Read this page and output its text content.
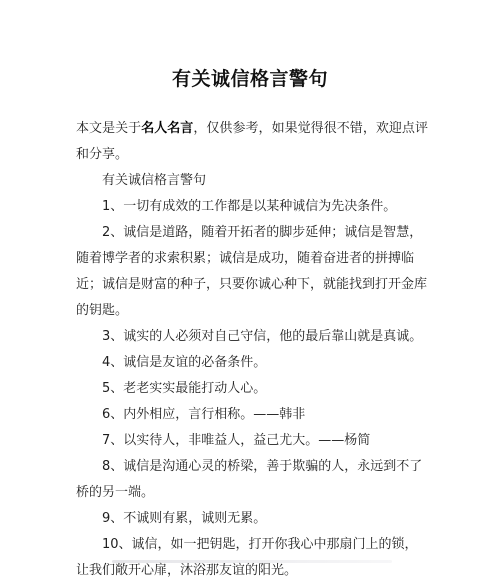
有关诚信格言警句

本文是关于名人名言，仅供参考，如果觉得很不错，欢迎点评和分享。

有关诚信格言警句
1、一切有成效的工作都是以某种诚信为先决条件。
2、诚信是道路，随着开拓者的脚步延伸；诚信是智慧，随着博学者的求索积累；诚信是成功，随着奋进者的拼搏临近；诚信是财富的种子，只要你诚心种下，就能找到打开金库的钥匙。
3、诚实的人必须对自己守信，他的最后靠山就是真诚。
4、诚信是友谊的必备条件。
5、老老实实最能打动人心。
6、内外相应，言行相称。——韩非
7、以实待人，非唯益人，益己尤大。——杨简
8、诚信是沟通心灵的桥梁，善于欺骗的人，永远到不了桥的另一端。
9、不诚则有累，诚则无累。
10、诚信，如一把钥匙，打开你我心中那扇门上的锁，让我们敞开心扉，沐浴那友谊的阳光。
